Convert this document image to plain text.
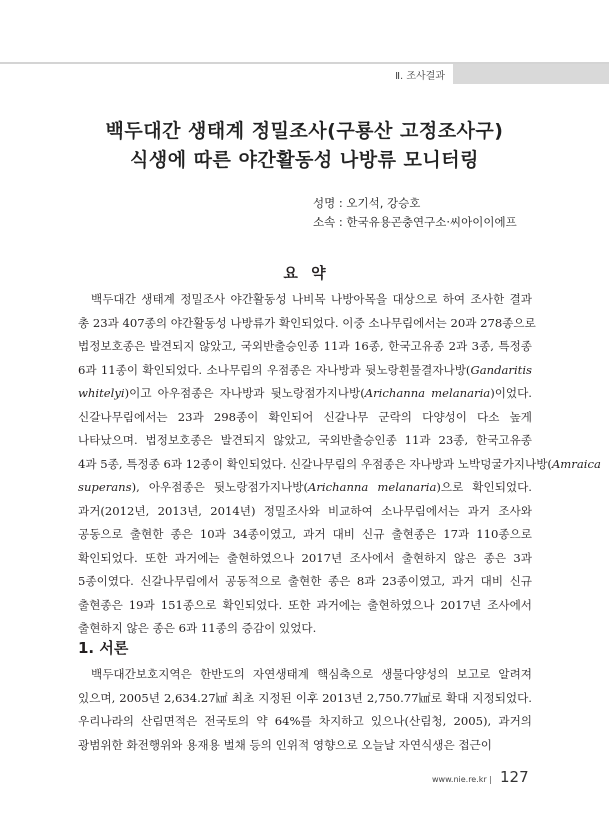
Ⅱ. 조사결과
백두대간 생태계 정밀조사(구룡산 고정조사구)
식생에 따른 야간활동성 나방류 모니터링
성명 : 오기석, 강승호
소속 : 한국유용곤충연구소·씨아이이에프
요 약
백두대간 생태계 정밀조사 야간활동성 나비목 나방아목을 대상으로 하여 조사한 결과
총 23과 407종의 야간활동성 나방류가 확인되었다. 이중 소나무림에서는 20과 278종으로
법정보호종은 발견되지 않았고, 국외반출승인종 11과 16종, 한국고유종 2과 3종, 특정종
6과 11종이 확인되었다. 소나무림의 우점종은 자나방과 뒷노랑흰물결자나방(Gandaritis
whitelyi)이고 아우점종은 자나방과 뒷노랑점가지나방(Arichanna melanaria)이었다.
신갈나무림에서는 23과 298종이 확인되어 신갈나무 군락의 다양성이 다소 높게
나타났으며. 법정보호종은 발견되지 않았고, 국외반출승인종 11과 23종, 한국고유종
4과 5종, 특정종 6과 12종이 확인되었다. 신갈나무림의 우점종은 자나방과 노박덩굴가지나방(Amraica
superans), 아우점종은 뒷노랑점가지나방(Arichanna melanaria)으로 확인되었다.
과거(2012년, 2013년, 2014년) 정밀조사와 비교하여 소나무림에서는 과거 조사와
공동으로 출현한 종은 10과 34종이였고, 과거 대비 신규 출현종은 17과 110종으로
확인되었다. 또한 과거에는 출현하였으나 2017년 조사에서 출현하지 않은 종은 3과
5종이였다. 신갈나무림에서 공동적으로 출현한 종은 8과 23종이였고, 과거 대비 신규
출현종은 19과 151종으로 확인되었다. 또한 과거에는 출현하였으나 2017년 조사에서
출현하지 않은 종은 6과 11종의 증감이 있었다.
1. 서론
백두대간보호지역은 한반도의 자연생태계 핵심축으로 생물다양성의 보고로 알려져
있으며, 2005년 2,634.27㎢ 최초 지정된 이후 2013년 2,750.77㎢로 확대 지정되었다.
우리나라의 산림면적은 전국토의 약 64%를 차지하고 있으나(산림청, 2005), 과거의
광범위한 화전행위와 용재용 벌채 등의 인위적 영향으로 오늘날 자연식생은 접근이
www.nie.re.kr 127
